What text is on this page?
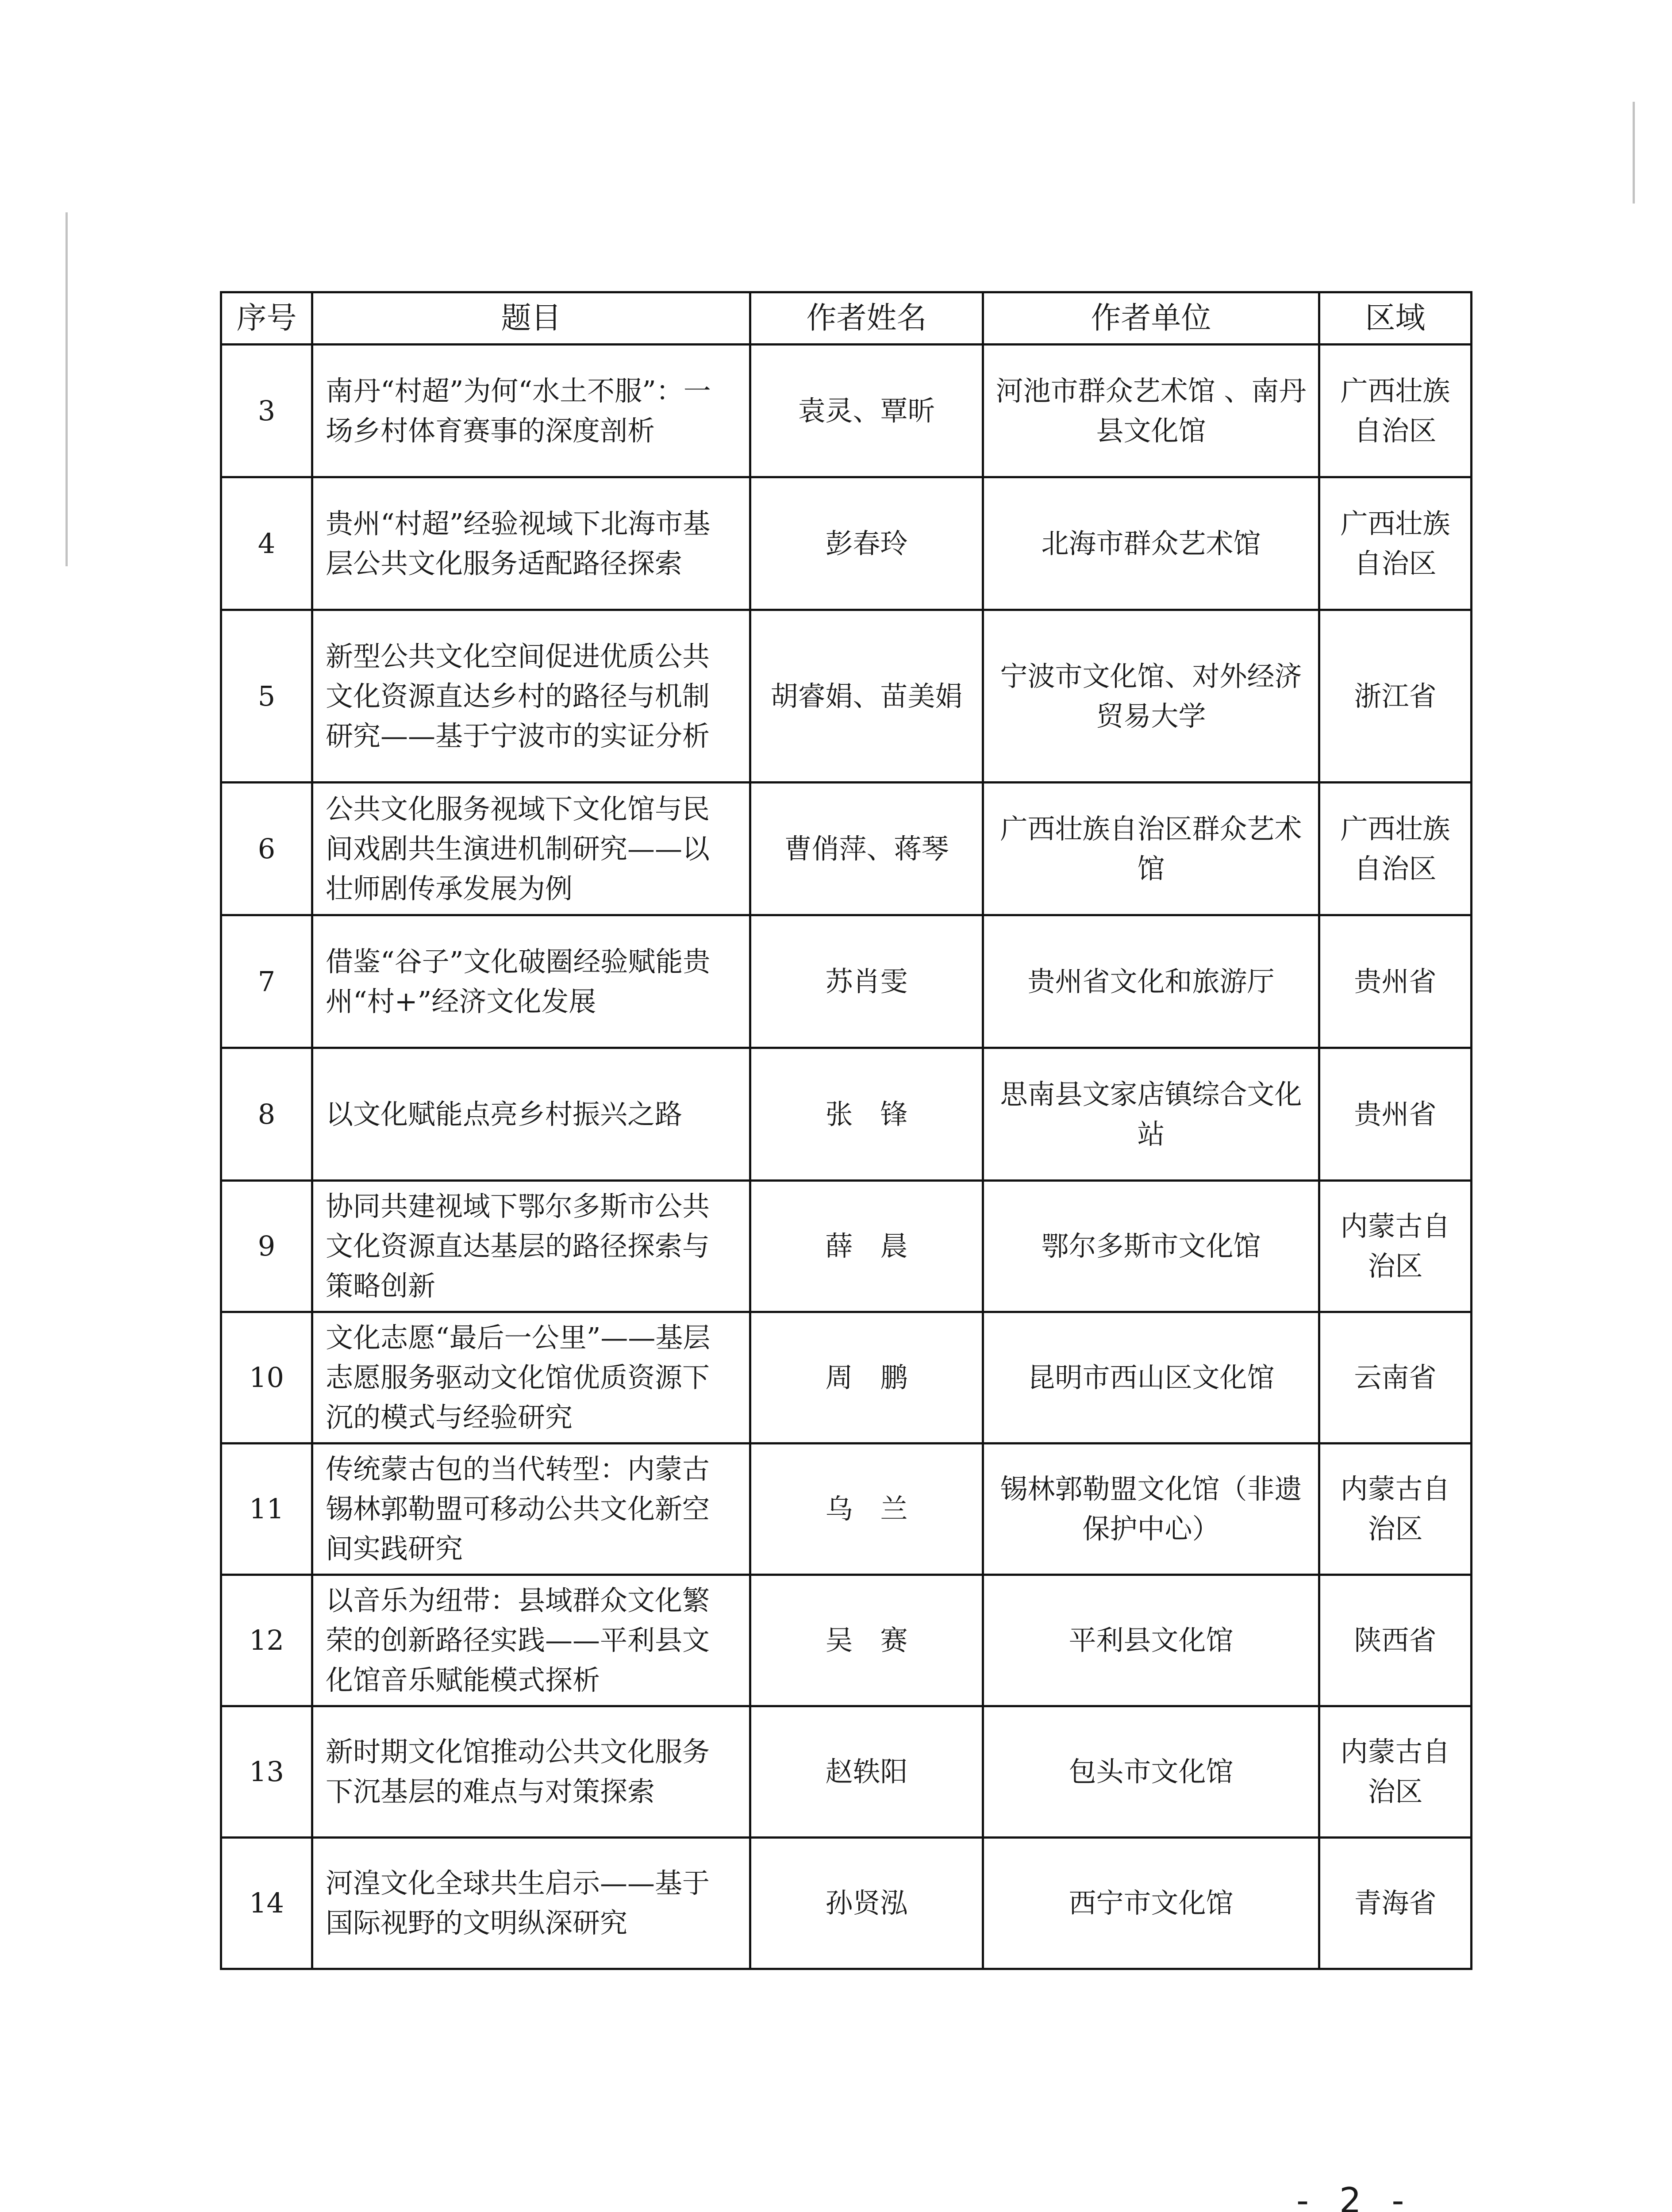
序号	题目	作者姓名	作者单位	区域
3	南丹“村超”为何“水土不服”：一场乡村体育赛事的深度剖析	袁灵、覃昕	河池市群众艺术馆 、南丹县文化馆	广西壮族自治区
4	贵州“村超”经验视域下北海市基层公共文化服务适配路径探索	彭春玲	北海市群众艺术馆	广西壮族自治区
5	新型公共文化空间促进优质公共文化资源直达乡村的路径与机制研究——基于宁波市的实证分析	胡睿娟、苗美娟	宁波市文化馆、对外经济贸易大学	浙江省
6	公共文化服务视域下文化馆与民间戏剧共生演进机制研究——以壮师剧传承发展为例	曹俏萍、蒋琴	广西壮族自治区群众艺术馆	广西壮族自治区
7	借鉴“谷子”文化破圈经验赋能贵州“村+”经济文化发展	苏肖雯	贵州省文化和旅游厅	贵州省
8	以文化赋能点亮乡村振兴之路	张　锋	思南县文家店镇综合文化站	贵州省
9	协同共建视域下鄂尔多斯市公共文化资源直达基层的路径探索与策略创新	薛　晨	鄂尔多斯市文化馆	内蒙古自治区
10	文化志愿“最后一公里”——基层志愿服务驱动文化馆优质资源下沉的模式与经验研究	周　鹏	昆明市西山区文化馆	云南省
11	传统蒙古包的当代转型：内蒙古锡林郭勒盟可移动公共文化新空间实践研究	乌　兰	锡林郭勒盟文化馆（非遗保护中心）	内蒙古自治区
12	以音乐为纽带：县域群众文化繁荣的创新路径实践——平利县文化馆音乐赋能模式探析	吴　赛	平利县文化馆	陕西省
13	新时期文化馆推动公共文化服务下沉基层的难点与对策探索	赵轶阳	包头市文化馆	内蒙古自治区
14	河湟文化全球共生启示——基于国际视野的文明纵深研究	孙贤泓	西宁市文化馆	青海省
- 2 -
